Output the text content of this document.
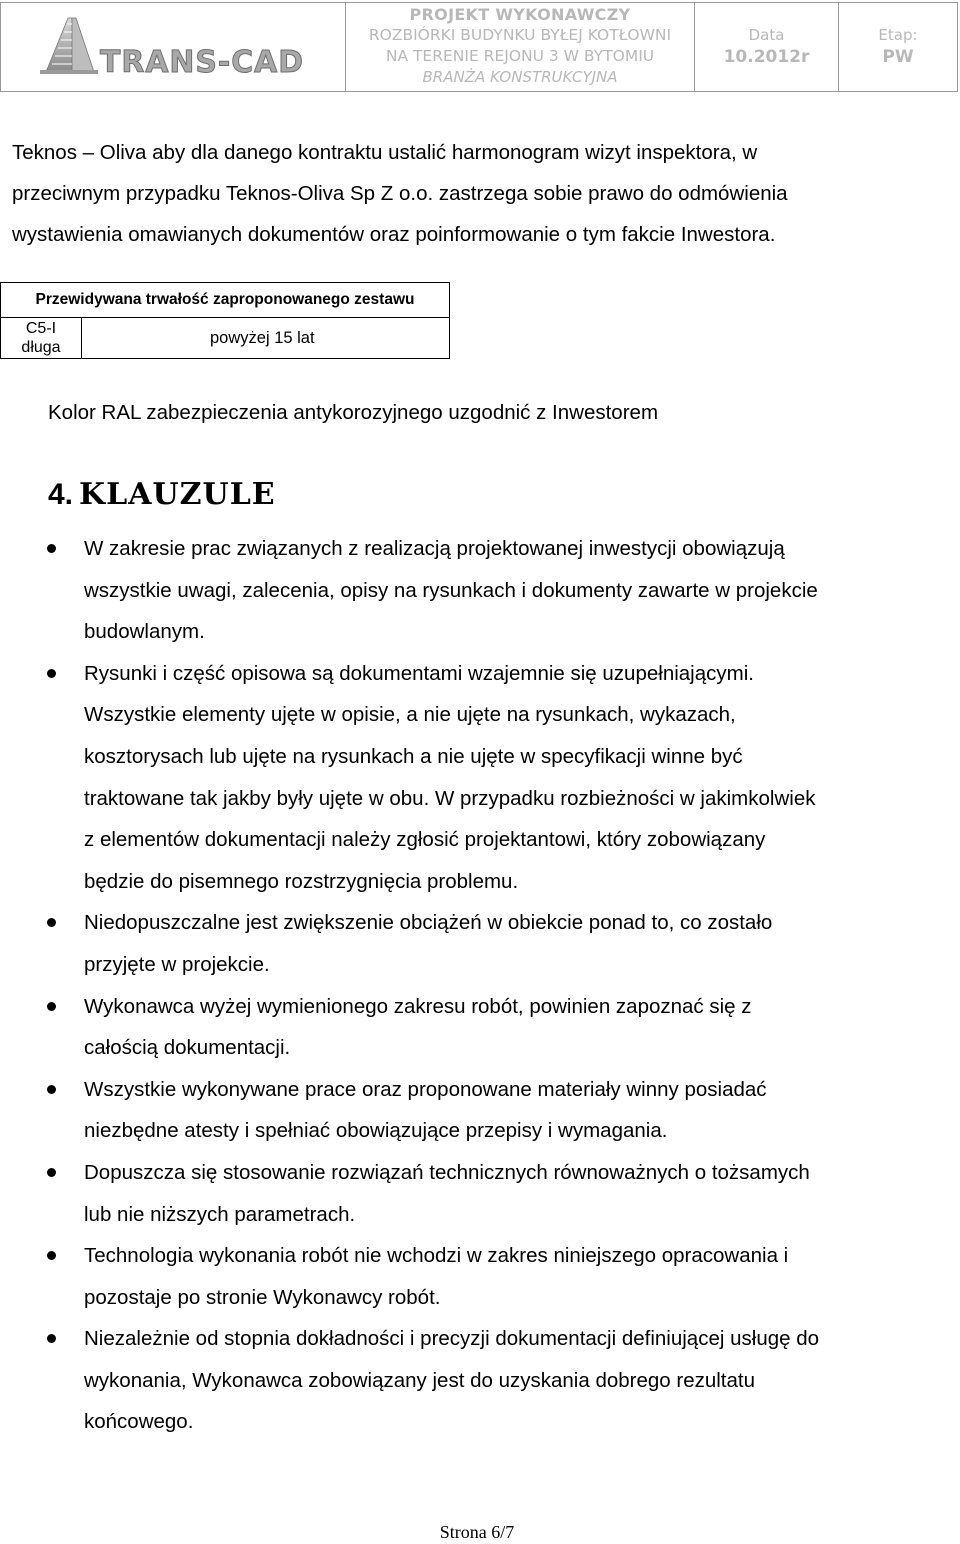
TRANS-CAD
PROJEKT WYKONAWCZY
ROZBIÓRKI BUDYNKU BYŁEJ KOTŁOWNI
NA TERENIE REJONU 3 W BYTOMIU
BRANŻA KONSTRUKCYJNA
Data
10.2012r
Etap:
PW

Teknos – Oliva aby dla danego kontraktu ustalić harmonogram wizyt inspektora, w

przeciwnym przypadku Teknos-Oliva Sp Z o.o. zastrzega sobie prawo do odmówienia

wystawienia omawianych dokumentów oraz poinformowanie o tym fakcie Inwestora.

Przewidywana trwałość zaproponowanego zestawu

C5-I
długa
	powyżej 15 lat
Kolor RAL zabezpieczenia antykorozyjnego uzgodnić z Inwestorem
4. KLAUZULE
W zakresie prac związanych z realizacją projektowanej inwestycji obowiązują
wszystkie uwagi, zalecenia, opisy na rysunkach i dokumenty zawarte w projekcie
budowlanym.
Rysunki i część opisowa są dokumentami wzajemnie się uzupełniającymi.
Wszystkie elementy ujęte w opisie, a nie ujęte na rysunkach, wykazach,
kosztorysach lub ujęte na rysunkach a nie ujęte w specyfikacji winne być
traktowane tak jakby były ujęte w obu. W przypadku rozbieżności w jakimkolwiek
z elementów dokumentacji należy zgłosić projektantowi, który zobowiązany
będzie do pisemnego rozstrzygnięcia problemu.
Niedopuszczalne jest zwiększenie obciążeń w obiekcie ponad to, co zostało
przyjęte w projekcie.
Wykonawca wyżej wymienionego zakresu robót, powinien zapoznać się z
całością dokumentacji.
Wszystkie wykonywane prace oraz proponowane materiały winny posiadać
niezbędne atesty i spełniać obowiązujące przepisy i wymagania.
Dopuszcza się stosowanie rozwiązań technicznych równoważnych o tożsamych
lub nie niższych parametrach.
Technologia wykonania robót nie wchodzi w zakres niniejszego opracowania i
pozostaje po stronie Wykonawcy robót.
Niezależnie od stopnia dokładności i precyzji dokumentacji definiującej usługę do
wykonania, Wykonawca zobowiązany jest do uzyskania dobrego rezultatu
końcowego.
Strona 6/7
